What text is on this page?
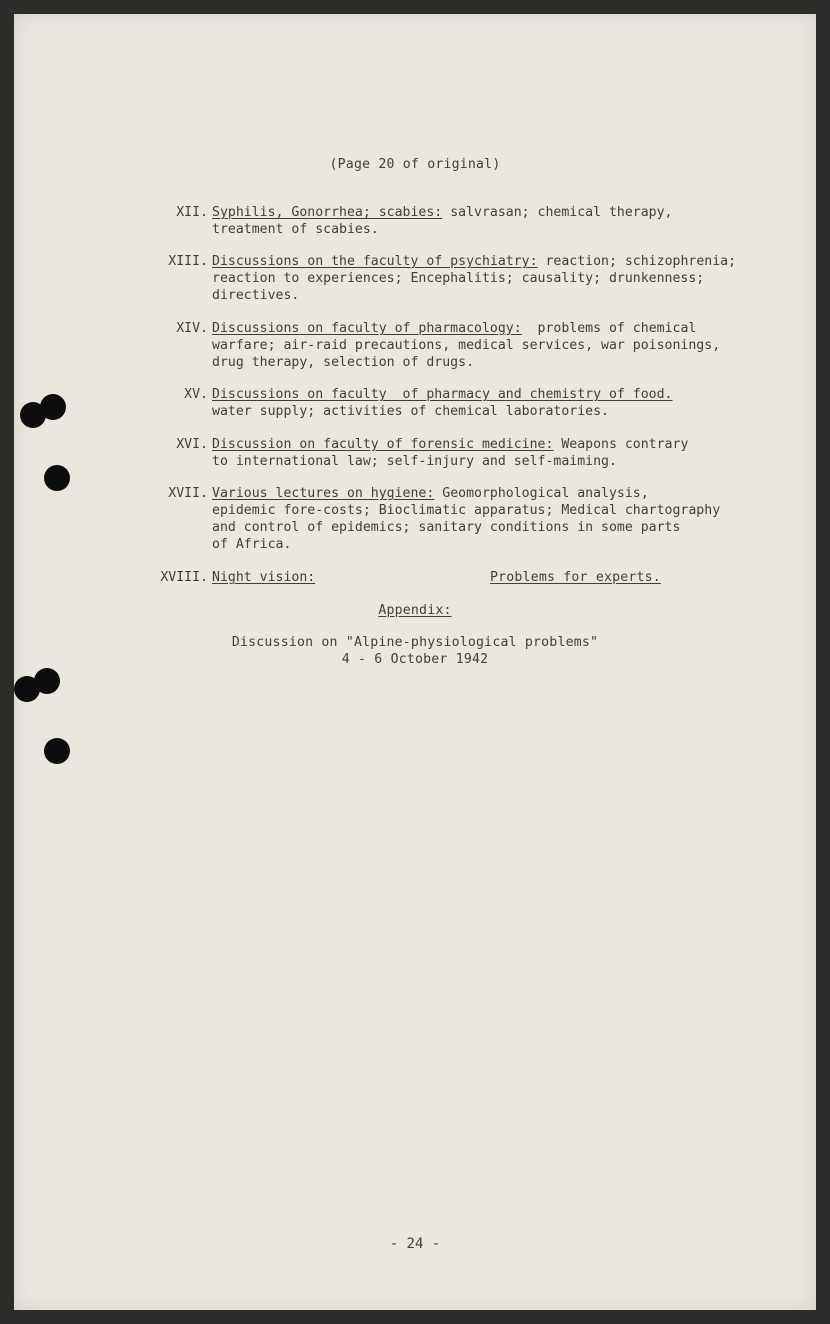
(Page 20 of original)
XII. Syphilis, Gonorrhea; scabies: salvrasan; chemical therapy,
treatment of scabies.
XIII. Discussions on the faculty of psychiatry: reaction; schizophrenia;
reaction to experiences; Encephalitis; causality; drunkenness;
directives.
XIV. Discussions on faculty of pharmacology:  problems of chemical
warfare; air-raid precautions, medical services, war poisonings,
drug therapy, selection of drugs.
XV. Discussions on faculty  of pharmacy and chemistry of food.
water supply; activities of chemical laboratories.
XVI. Discussion on faculty of forensic medicine: Weapons contrary
to international law; self-injury and self-maiming.
XVII. Various lectures on hygiene: Geomorphological analysis,
epidemic fore-costs; Bioclimatic apparatus; Medical chartography
and control of epidemics; sanitary conditions in some parts
of Africa.
XVIII. Night vision:	Problems for experts.
Appendix:
Discussion on "Alpine-physiological problems"
4 - 6 October 1942
- 24 -
